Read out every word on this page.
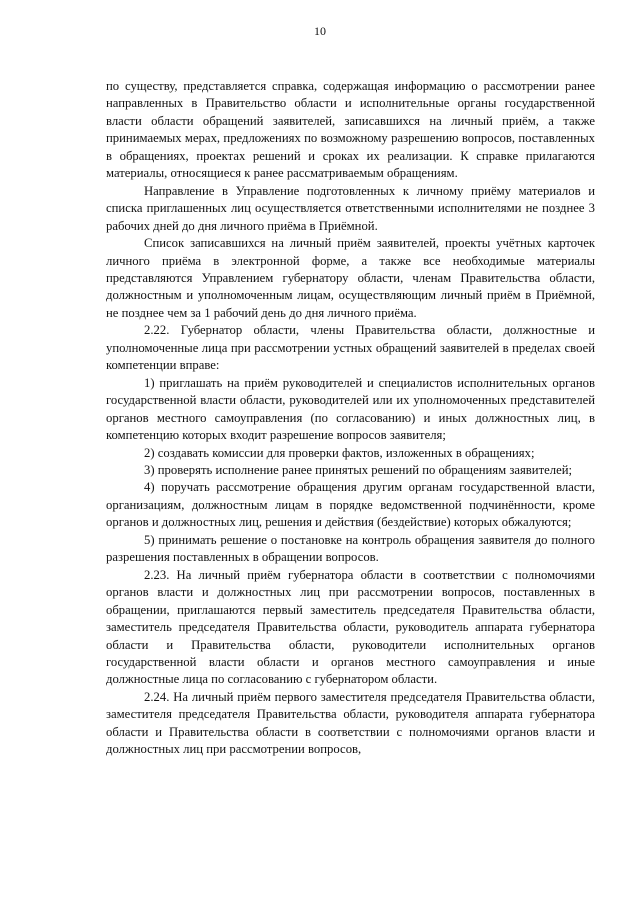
10

по существу, представляется справка, содержащая информацию о рассмотрении ранее направленных в Правительство области и исполнительные органы государственной власти области обращений заявителей, записавшихся на личный приём, а также принимаемых мерах, предложениях по возможному разрешению вопросов, поставленных в обращениях, проектах решений и сроках их реализации. К справке прилагаются материалы, относящиеся к ранее рассматриваемым обращениям.

Направление в Управление подготовленных к личному приёму материалов и списка приглашенных лиц осуществляется ответственными исполнителями не позднее 3 рабочих дней до дня личного приёма в Приёмной.

Список записавшихся на личный приём заявителей, проекты учётных карточек личного приёма в электронной форме, а также все необходимые материалы представляются Управлением губернатору области, членам Правительства области, должностным и уполномоченным лицам, осуществляющим личный приём в Приёмной, не позднее чем за 1 рабочий день до дня личного приёма.

2.22. Губернатор области, члены Правительства области, должностные и уполномоченные лица при рассмотрении устных обращений заявителей в пределах своей компетенции вправе:

1) приглашать на приём руководителей и специалистов исполнительных органов государственной власти области, руководителей или их уполномоченных представителей органов местного самоуправления (по согласованию) и иных должностных лиц, в компетенцию которых входит разрешение вопросов заявителя;

2) создавать комиссии для проверки фактов, изложенных в обращениях;

3) проверять исполнение ранее принятых решений по обращениям заявителей;

4) поручать рассмотрение обращения другим органам государственной власти, организациям, должностным лицам в порядке ведомственной подчинённости, кроме органов и должностных лиц, решения и действия (бездействие) которых обжалуются;

5) принимать решение о постановке на контроль обращения заявителя до полного разрешения поставленных в обращении вопросов.

2.23. На личный приём губернатора области в соответствии с полномочиями органов власти и должностных лиц при рассмотрении вопросов, поставленных в обращении, приглашаются первый заместитель председателя Правительства области, заместитель председателя Правительства области, руководитель аппарата губернатора области и Правительства области, руководители исполнительных органов государственной власти области и органов местного самоуправления и иные должностные лица по согласованию с губернатором области.

2.24. На личный приём первого заместителя председателя Правительства области, заместителя председателя Правительства области, руководителя аппарата губернатора области и Правительства области в соответствии с полномочиями органов власти и должностных лиц при рассмотрении вопросов,
